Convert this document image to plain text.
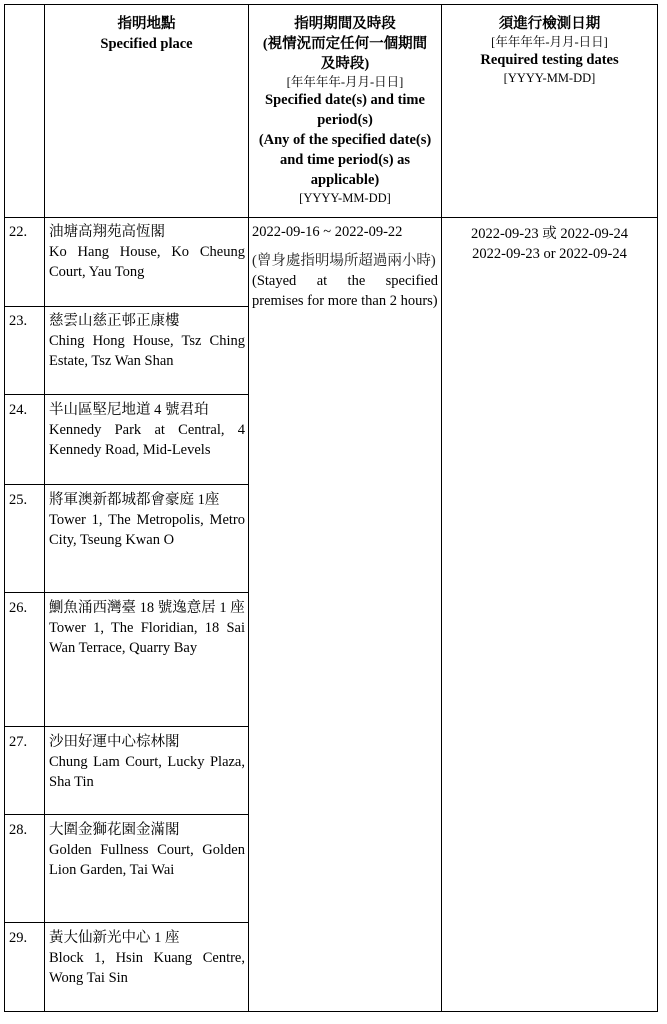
指明地點
Specified place
指明期間及時段
(視情況而定任何一個期間及時段)
[年年年年-月月-日日]
Specified date(s) and time period(s)
(Any of the specified date(s) and time period(s) as applicable)
[YYYY-MM-DD]
須進行檢測日期
[年年年年-月月-日日]
Required testing dates
[YYYY-MM-DD]
2022-09-16 ~ 2022-09-22
(曾身處指明場所超過兩小時)
(Stayed at the specified premises for more than 2 hours)
2022-09-23 或 2022-09-24
2022-09-23 or 2022-09-24
22. 油塘高翔苑高恆閣
Ko Hang House, Ko Cheung Court, Yau Tong
23. 慈雲山慈正邨正康樓
Ching Hong House, Tsz Ching Estate, Tsz Wan Shan
24. 半山區堅尼地道 4 號君珀
Kennedy Park at Central, 4 Kennedy Road, Mid-Levels
25. 將軍澳新都城都會豪庭 1座
Tower 1, The Metropolis, Metro City, Tseung Kwan O
26. 鰂魚涌西灣臺 18 號逸意居 1 座
Tower 1, The Floridian, 18 Sai Wan Terrace, Quarry Bay
27. 沙田好運中心棕林閣
Chung Lam Court, Lucky Plaza, Sha Tin
28. 大圍金獅花園金滿閣
Golden Fullness Court, Golden Lion Garden, Tai Wai
29. 黃大仙新光中心 1 座
Block 1, Hsin Kuang Centre, Wong Tai Sin
